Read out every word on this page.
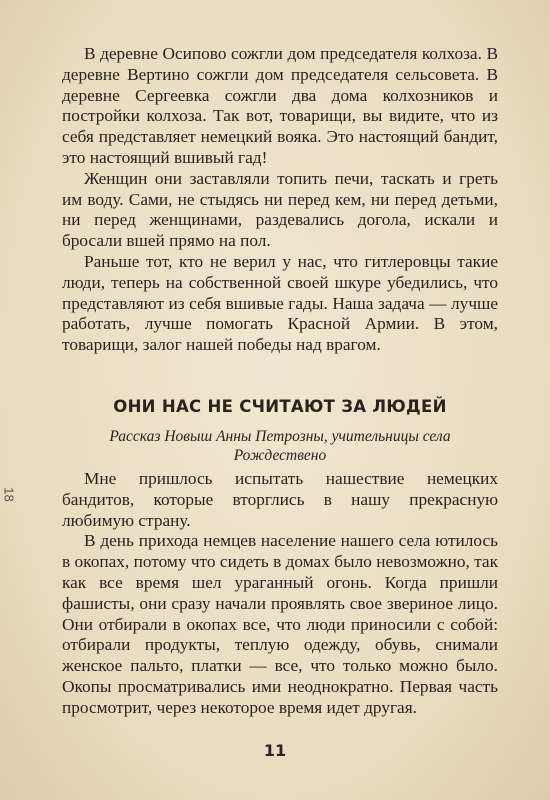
18

В деревне Осипово сожгли дом председателя колхоза. В деревне Вертино сожгли дом председателя сельсовета. В деревне Сергеевка сожгли два дома колхозников и постройки колхоза. Так вот, товарищи, вы видите, что из себя представляет немецкий вояка. Это настоящий бандит, это настоящий вшивый гад!

Женщин они заставляли топить печи, таскать и греть им воду. Сами, не стыдясь ни перед кем, ни перед детьми, ни перед женщинами, раздевались догола, искали и бросали вшей прямо на пол.

Раньше тот, кто не верил у нас, что гитлеровцы такие люди, теперь на собственной своей шкуре убедились, что представляют из себя вшивые гады. Наша задача — лучше работать, лучше помогать Красной Армии. В этом, товарищи, залог нашей победы над врагом.

ОНИ НАС НЕ СЧИТАЮТ ЗА ЛЮДЕЙ

Рассказ Новыш Анны Петрозны, учительницы села Рождествено

Мне пришлось испытать нашествие немецких бандитов, которые вторглись в нашу прекрасную любимую страну.

В день прихода немцев население нашего села ютилось в окопах, потому что сидеть в домах было невозможно, так как все время шел ураганный огонь. Когда пришли фашисты, они сразу начали проявлять свое звериное лицо. Они отбирали в окопах все, что люди приносили с собой: отбирали продукты, теплую одежду, обувь, снимали женское пальто, платки — все, что только можно было. Окопы просматривались ими неоднократно. Первая часть просмотрит, через некоторое время идет другая.

11
